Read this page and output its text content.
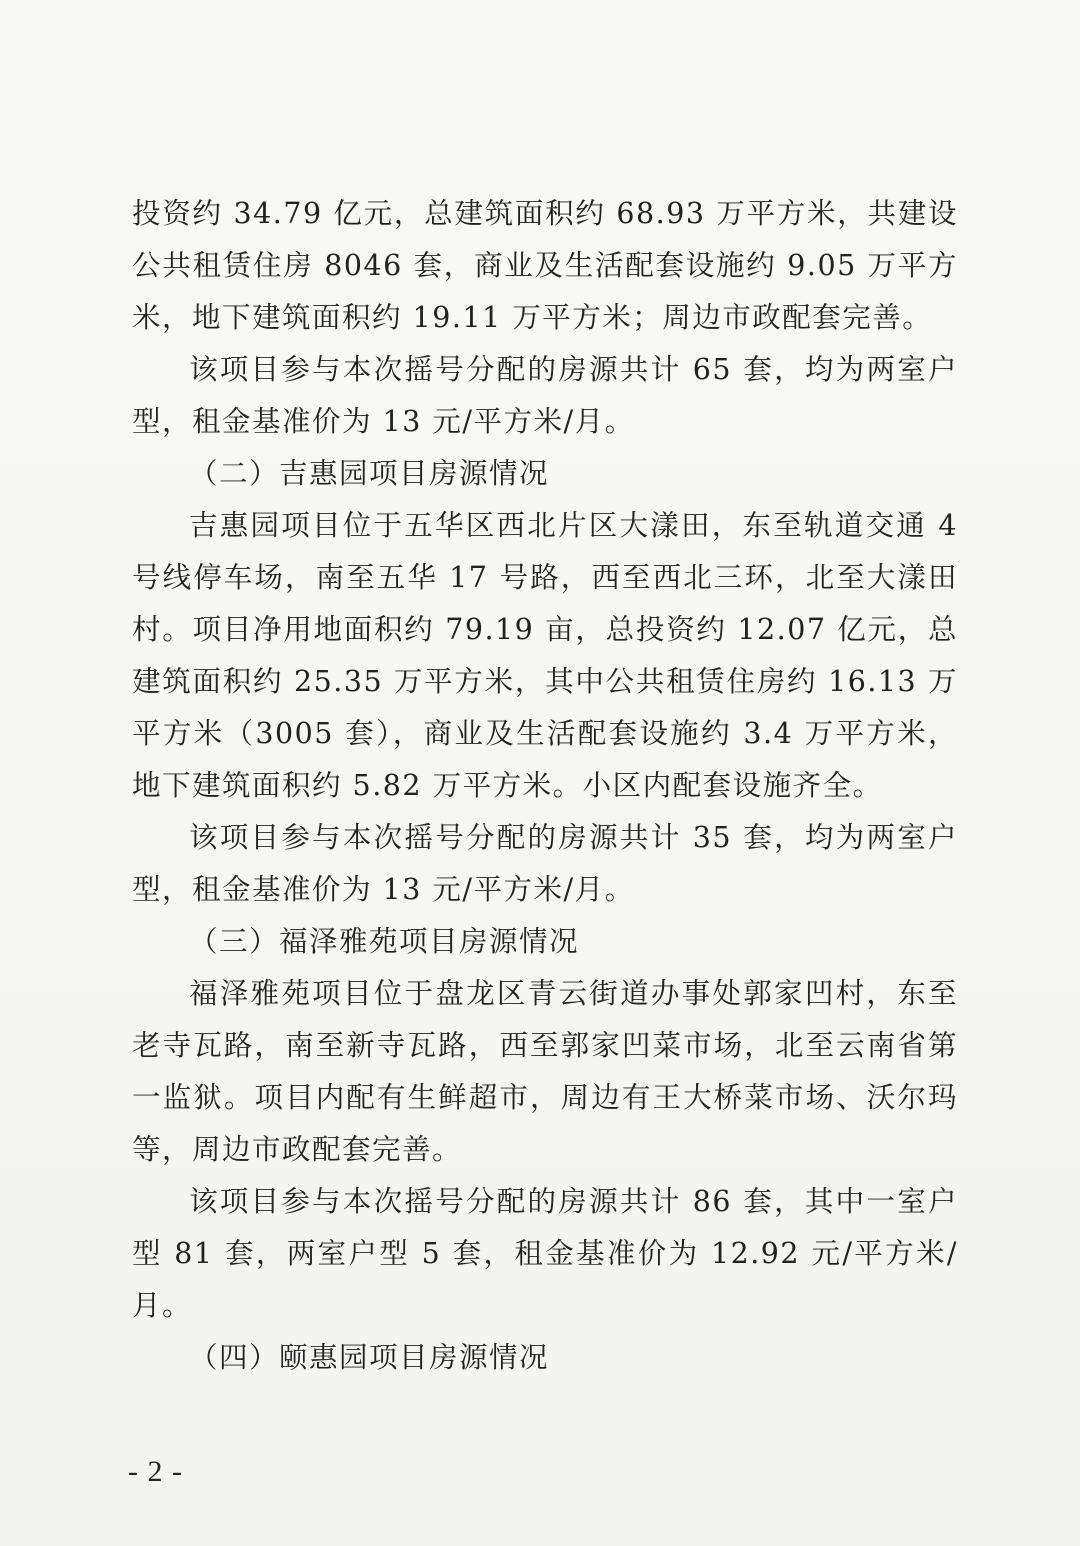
投资约 34.79 亿元，总建筑面积约 68.93 万平方米，共建设公共租赁住房 8046 套，商业及生活配套设施约 9.05 万平方米，地下建筑面积约 19.11 万平方米；周边市政配套完善。

该项目参与本次摇号分配的房源共计 65 套，均为两室户型，租金基准价为 13 元/平方米/月。

（二）吉惠园项目房源情况

吉惠园项目位于五华区西北片区大漾田，东至轨道交通 4 号线停车场，南至五华 17 号路，西至西北三环，北至大漾田村。项目净用地面积约 79.19 亩，总投资约 12.07 亿元，总建筑面积约 25.35 万平方米，其中公共租赁住房约 16.13 万平方米（3005 套），商业及生活配套设施约 3.4 万平方米，地下建筑面积约 5.82 万平方米。小区内配套设施齐全。

该项目参与本次摇号分配的房源共计 35 套，均为两室户型，租金基准价为 13 元/平方米/月。

（三）福泽雅苑项目房源情况

福泽雅苑项目位于盘龙区青云街道办事处郭家凹村，东至老寺瓦路，南至新寺瓦路，西至郭家凹菜市场，北至云南省第一监狱。项目内配有生鲜超市，周边有王大桥菜市场、沃尔玛等，周边市政配套完善。

该项目参与本次摇号分配的房源共计 86 套，其中一室户型 81 套，两室户型 5 套，租金基准价为 12.92 元/平方米/月。

（四）颐惠园项目房源情况

- 2 -
